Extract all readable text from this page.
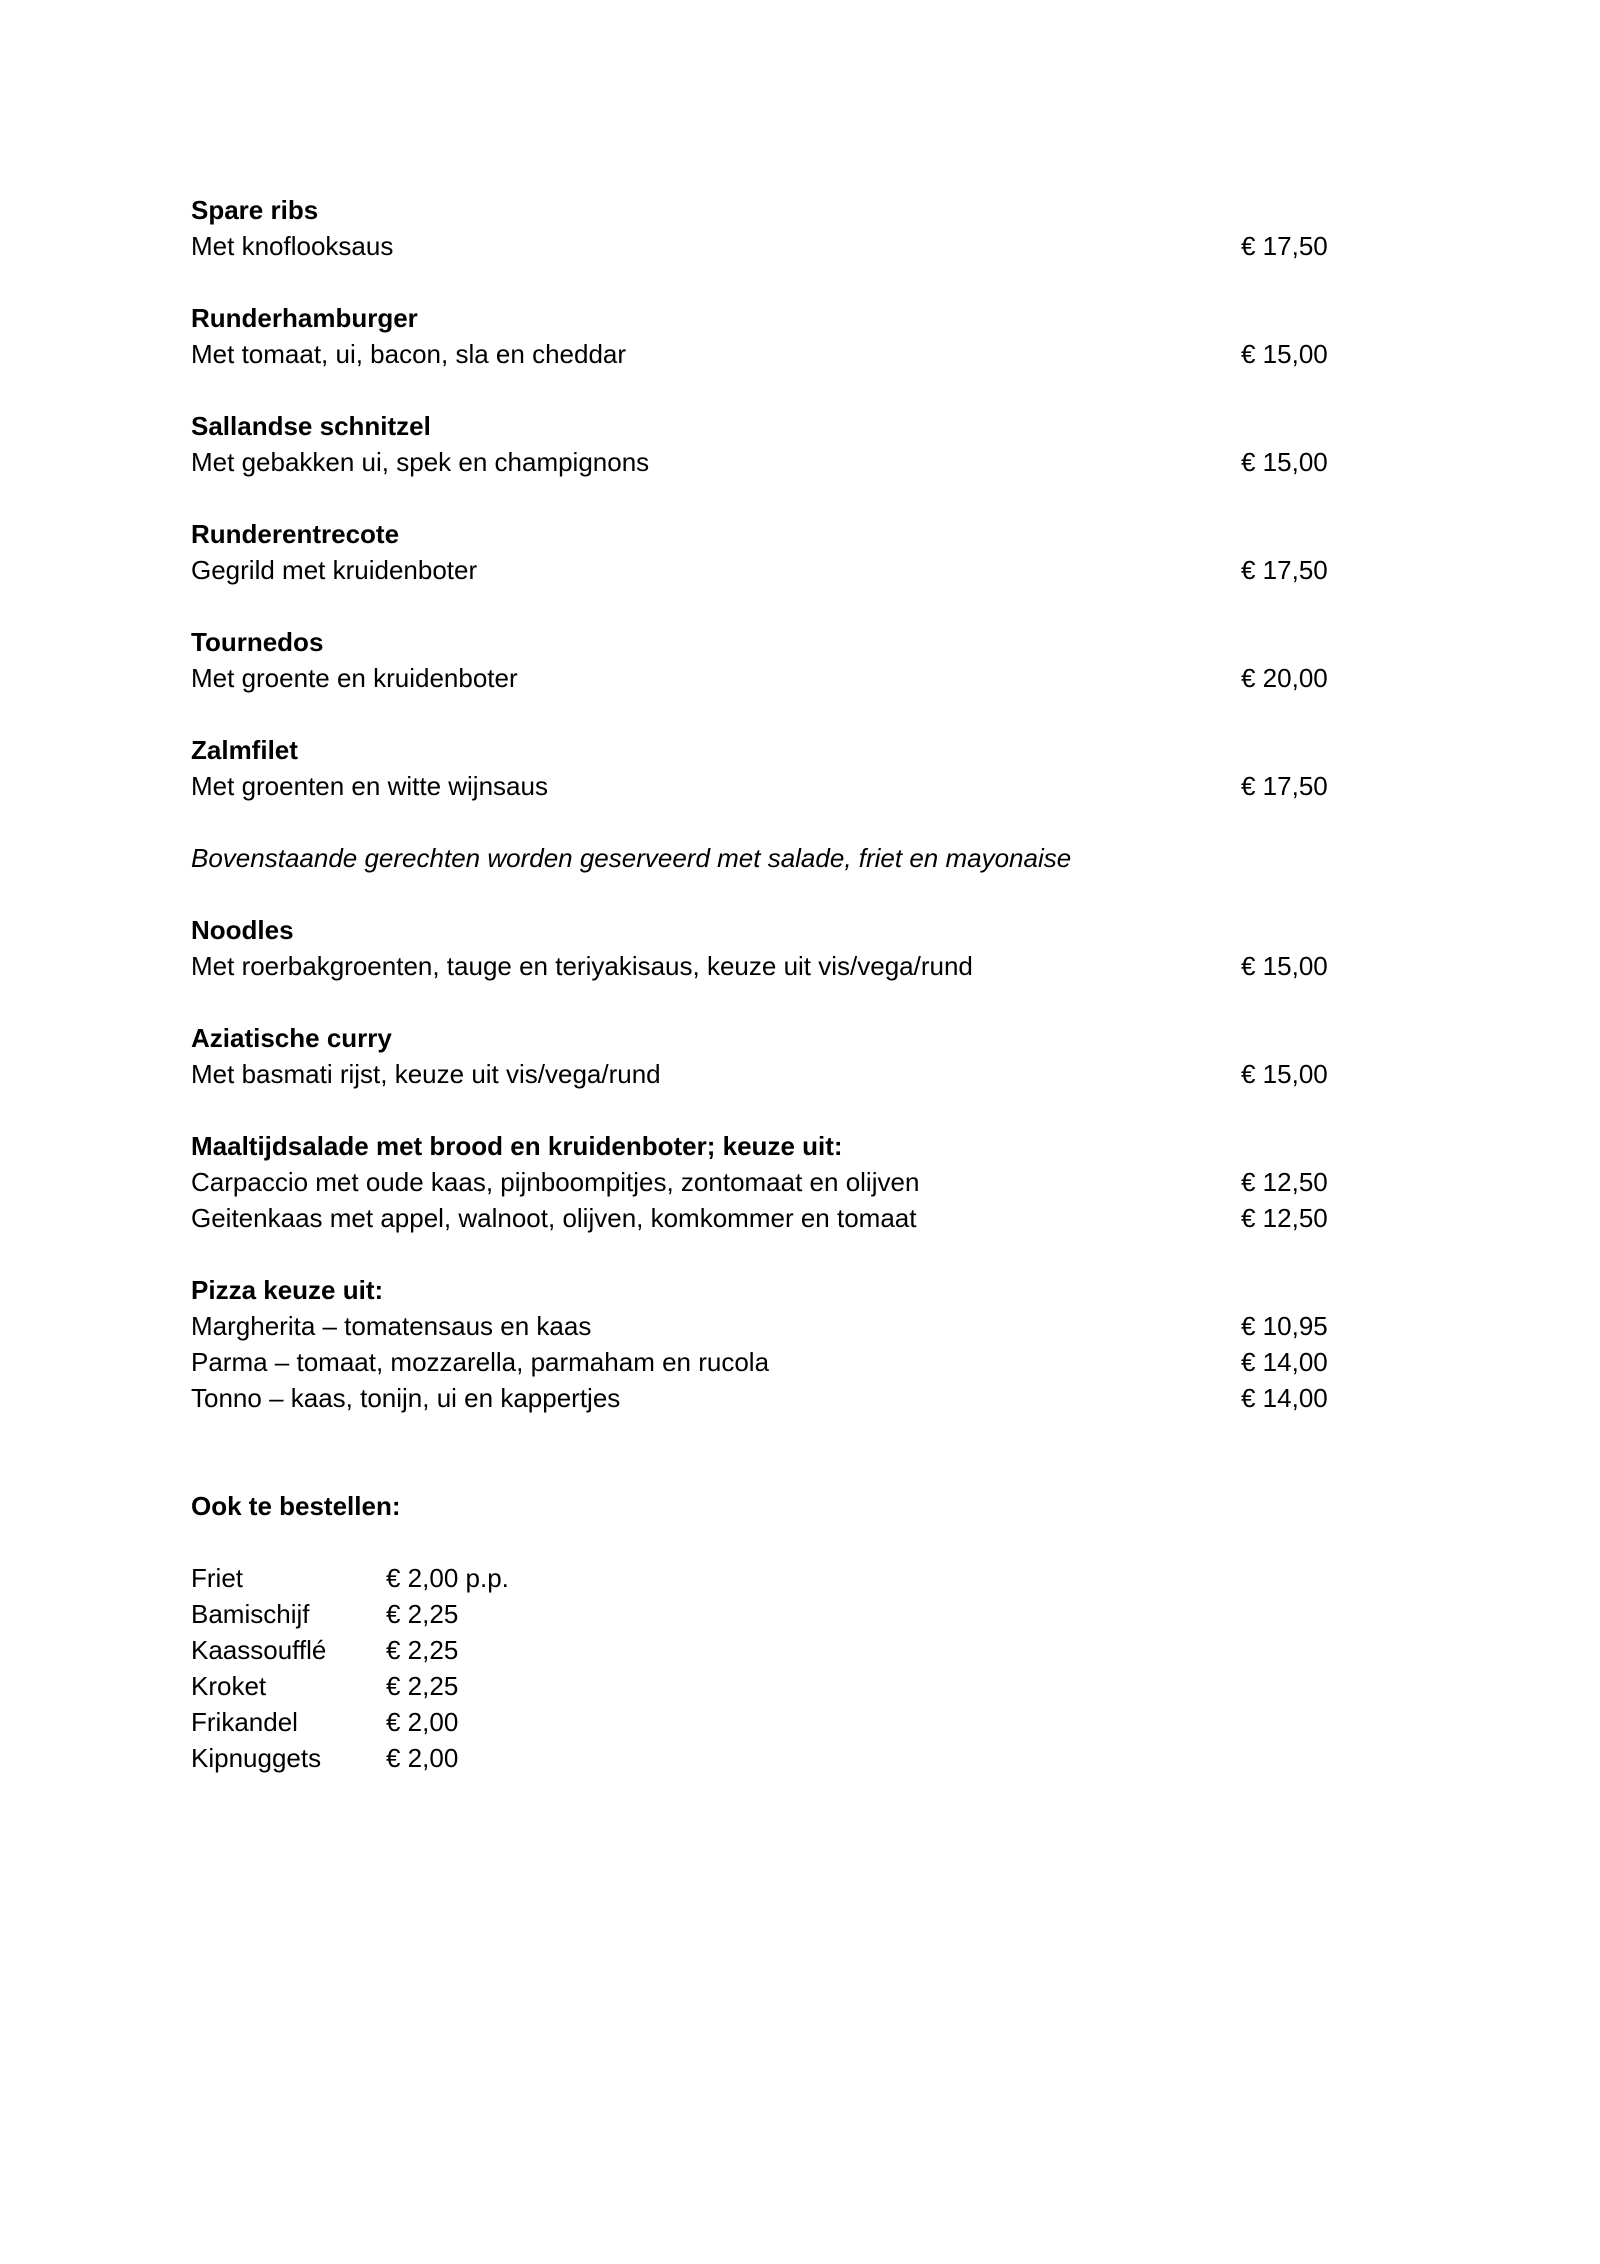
Spare ribs
Met knoflooksaus	€ 17,50
Runderhamburger
Met tomaat, ui, bacon, sla en cheddar	€ 15,00
Sallandse schnitzel
Met gebakken ui, spek en champignons	€ 15,00
Runderentrecote
Gegrild met kruidenboter	€ 17,50
Tournedos
Met groente en kruidenboter	€ 20,00
Zalmfilet
Met groenten en witte wijnsaus	€ 17,50
Bovenstaande gerechten worden geserveerd met salade, friet en mayonaise
Noodles
Met roerbakgroenten, tauge en teriyakisaus, keuze uit vis/vega/rund	€ 15,00
Aziatische curry
Met basmati rijst, keuze uit vis/vega/rund	€ 15,00
Maaltijdsalade met brood en kruidenboter; keuze uit:
Carpaccio met oude kaas, pijnboompitjes, zontomaat en olijven	€ 12,50
Geitenkaas met appel, walnoot, olijven, komkommer en tomaat	€ 12,50
Pizza keuze uit:
Margherita – tomatensaus en kaas	€ 10,95
Parma – tomaat, mozzarella, parmaham en rucola	€ 14,00
Tonno – kaas, tonijn, ui en kappertjes	€ 14,00
Ook te bestellen:
Friet	€ 2,00 p.p.
Bamischijf	€ 2,25
Kaassoufflé	€ 2,25
Kroket	€ 2,25
Frikandel	€ 2,00
Kipnuggets	€ 2,00
